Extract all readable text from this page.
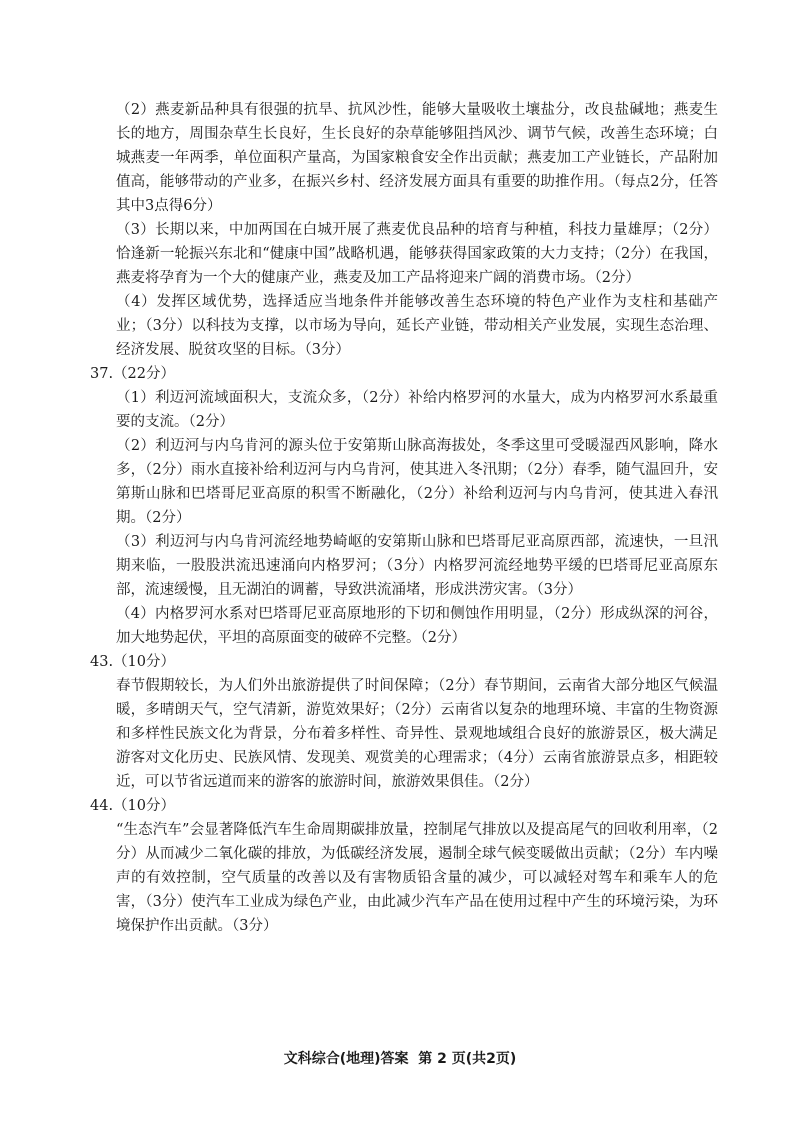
（2）燕麦新品种具有很强的抗旱、抗风沙性，能够大量吸收土壤盐分，改良盐碱地；燕麦生长的地方，周围杂草生长良好，生长良好的杂草能够阻挡风沙、调节气候，改善生态环境；白城燕麦一年两季，单位面积产量高，为国家粮食安全作出贡献；燕麦加工产业链长，产品附加值高，能够带动的产业多，在振兴乡村、经济发展方面具有重要的助推作用。（每点2分，任答其中3点得6分）

（3）长期以来，中加两国在白城开展了燕麦优良品种的培育与种植，科技力量雄厚；（2分）恰逢新一轮振兴东北和“健康中国”战略机遇，能够获得国家政策的大力支持；（2分）在我国，燕麦将孕育为一个大的健康产业，燕麦及加工产品将迎来广阔的消费市场。（2分）

（4）发挥区域优势，选择适应当地条件并能够改善生态环境的特色产业作为支柱和基础产业；（3分）以科技为支撑，以市场为导向，延长产业链，带动相关产业发展，实现生态治理、经济发展、脱贫攻坚的目标。（3分）

37.（22分）

（1）利迈河流域面积大，支流众多，（2分）补给内格罗河的水量大，成为内格罗河水系最重要的支流。（2分）

（2）利迈河与内乌肯河的源头位于安第斯山脉高海拔处，冬季这里可受暖湿西风影响，降水多，（2分）雨水直接补给利迈河与内乌肯河，使其进入冬汛期；（2分）春季，随气温回升，安第斯山脉和巴塔哥尼亚高原的积雪不断融化，（2分）补给利迈河与内乌肯河，使其进入春汛期。（2分）

（3）利迈河与内乌肯河流经地势崎岖的安第斯山脉和巴塔哥尼亚高原西部，流速快，一旦汛期来临，一股股洪流迅速涌向内格罗河；（3分）内格罗河流经地势平缓的巴塔哥尼亚高原东部，流速缓慢，且无湖泊的调蓄，导致洪流涌堵，形成洪涝灾害。（3分）

（4）内格罗河水系对巴塔哥尼亚高原地形的下切和侧蚀作用明显，（2分）形成纵深的河谷，加大地势起伏，平坦的高原面变的破碎不完整。（2分）

43.（10分）

春节假期较长，为人们外出旅游提供了时间保障；（2分）春节期间，云南省大部分地区气候温暖，多晴朗天气，空气清新，游览效果好；（2分）云南省以复杂的地理环境、丰富的生物资源和多样性民族文化为背景，分布着多样性、奇异性、景观地域组合良好的旅游景区，极大满足游客对文化历史、民族风情、发现美、观赏美的心理需求；（4分）云南省旅游景点多，相距较近，可以节省远道而来的游客的旅游时间，旅游效果俱佳。（2分）

44.（10分）

“生态汽车”会显著降低汽车生命周期碳排放量，控制尾气排放以及提高尾气的回收利用率，（2分）从而减少二氧化碳的排放，为低碳经济发展，遏制全球气候变暖做出贡献；（2分）车内噪声的有效控制，空气质量的改善以及有害物质铅含量的减少，可以减轻对驾车和乘车人的危害，（3分）使汽车工业成为绿色产业，由此减少汽车产品在使用过程中产生的环境污染，为环境保护作出贡献。（3分）

文科综合(地理)答案 第 2 页(共2页)
